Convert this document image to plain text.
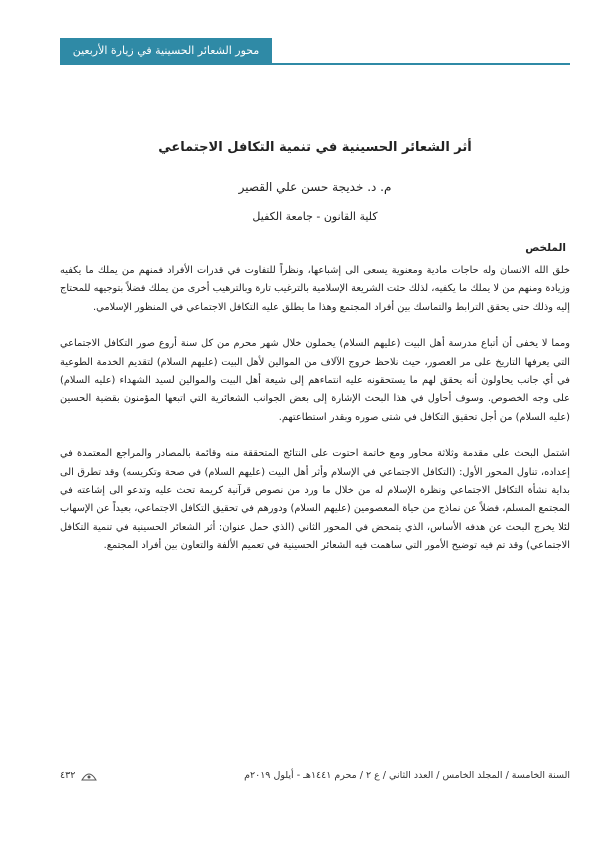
محور الشعائر الحسينية في زيارة الأربعين
أثر الشعائر الحسينية في تنمية التكافل الاجتماعي
م. د. خديجة حسن علي القصير
كلية القانون - جامعة الكفيل
الملخص

خلق الله الانسان وله حاجات مادية ومعنوية يسعى الى إشباعها، ونظراً للتفاوت في قدرات الأفراد فمنهم من يملك ما يكفيه وزيادة ومنهم من لا يملك ما يكفيه، لذلك حثت الشريعة الإسلامية بالترغيب تارة وبالترهيب أخرى من يملك فضلاً بتوجيهه للمحتاج إليه وذلك حتى يحقق الترابط والتماسك بين أفراد المجتمع وهذا ما يطلق عليه التكافل الاجتماعي في المنظور الإسلامي.

ومما لا يخفى أن أتباع مدرسة أهل البيت (عليهم السلام) يحملون خلال شهر محرم من كل سنة أروع صور التكافل الاجتماعي التي يعرفها التاريخ على مر العصور، حيث نلاحظ خروج الآلاف من الموالين لأهل البيت (عليهم السلام) لتقديم الخدمة الطوعية في أي جانب يحاولون أنه يحقق لهم ما يستحقونه عليه انتماءهم إلى شيعة أهل البيت والموالين لسيد الشهداء (عليه السلام) على وجه الخصوص. وسوف أحاول في هذا البحث الإشارة إلى بعض الجوانب الشعائرية التي اتبعها المؤمنون بقضية الحسين (عليه السلام) من أجل تحقيق التكافل في شتى صوره وبقدر استطاعتهم.

اشتمل البحث على مقدمة وثلاثة محاور ومع خاتمة احتوت على النتائج المتحققة منه وقائمة بالمصادر والمراجع المعتمدة في إعداده، تناول المحور الأول: (التكافل الاجتماعي في الإسلام وأثر أهل البيت (عليهم السلام) في صحة وتكريسه) وقد تطرق الى بداية نشأة التكافل الاجتماعي ونظرة الإسلام له من خلال ما ورد من نصوص قرآنية كريمة تحث عليه وتدعو الى إشاعته في المجتمع المسلم، فضلاً عن نماذج من حياة المعصومين (عليهم السلام) ودورهم في تحقيق التكافل الاجتماعي، بعيداً عن الإسهاب لئلا يخرج البحث عن هدفه الأساس، الذي يتمحض في المحور الثاني (الذي حمل عنوان: أثر الشعائر الحسينية في تنمية التكافل الاجتماعي) وقد تم فيه توضيح الأمور التي ساهمت فيه الشعائر الحسينية في تعميم الألفة والتعاون بين أفراد المجتمع.

السنة الخامسة / المجلد الخامس / العدد الثاني / ع ٢ / محرم ١٤٤١هـ - أيلول ٢٠١٩م
٤٣٢
